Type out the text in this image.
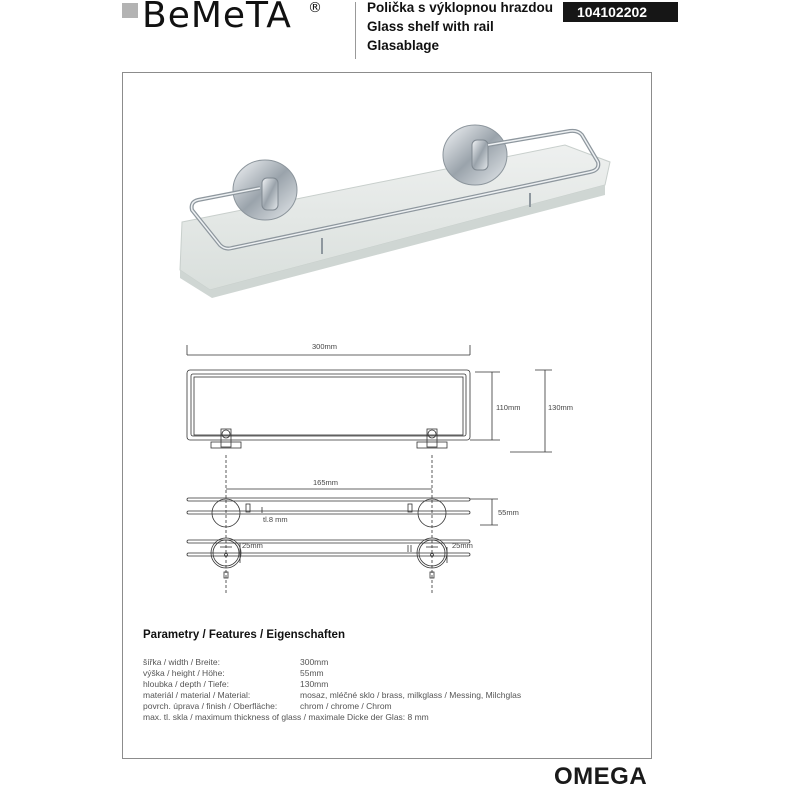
BeMeTA ®	Polička s výklopnou hrazdou
Glass shelf with rail
Glasablage
104102202
300mm
110mm	130mm
165mm
55mm
tl.8 mm
25mm	25mm
Parametry / Features / Eigenschaften
šířka / width / Breite:	300mm
výška / height / Höhe:	55mm
hloubka / depth / Tiefe:	130mm
materiál / material / Material:	mosaz, mléčné sklo / brass, milkglass / Messing, Milchglas
povrch. úprava / finish / Oberfläche:	chrom / chrome / Chrom
max. tl. skla / maximum thickness of glass / maximale Dicke der Glas: 8 mm
OMEGA
